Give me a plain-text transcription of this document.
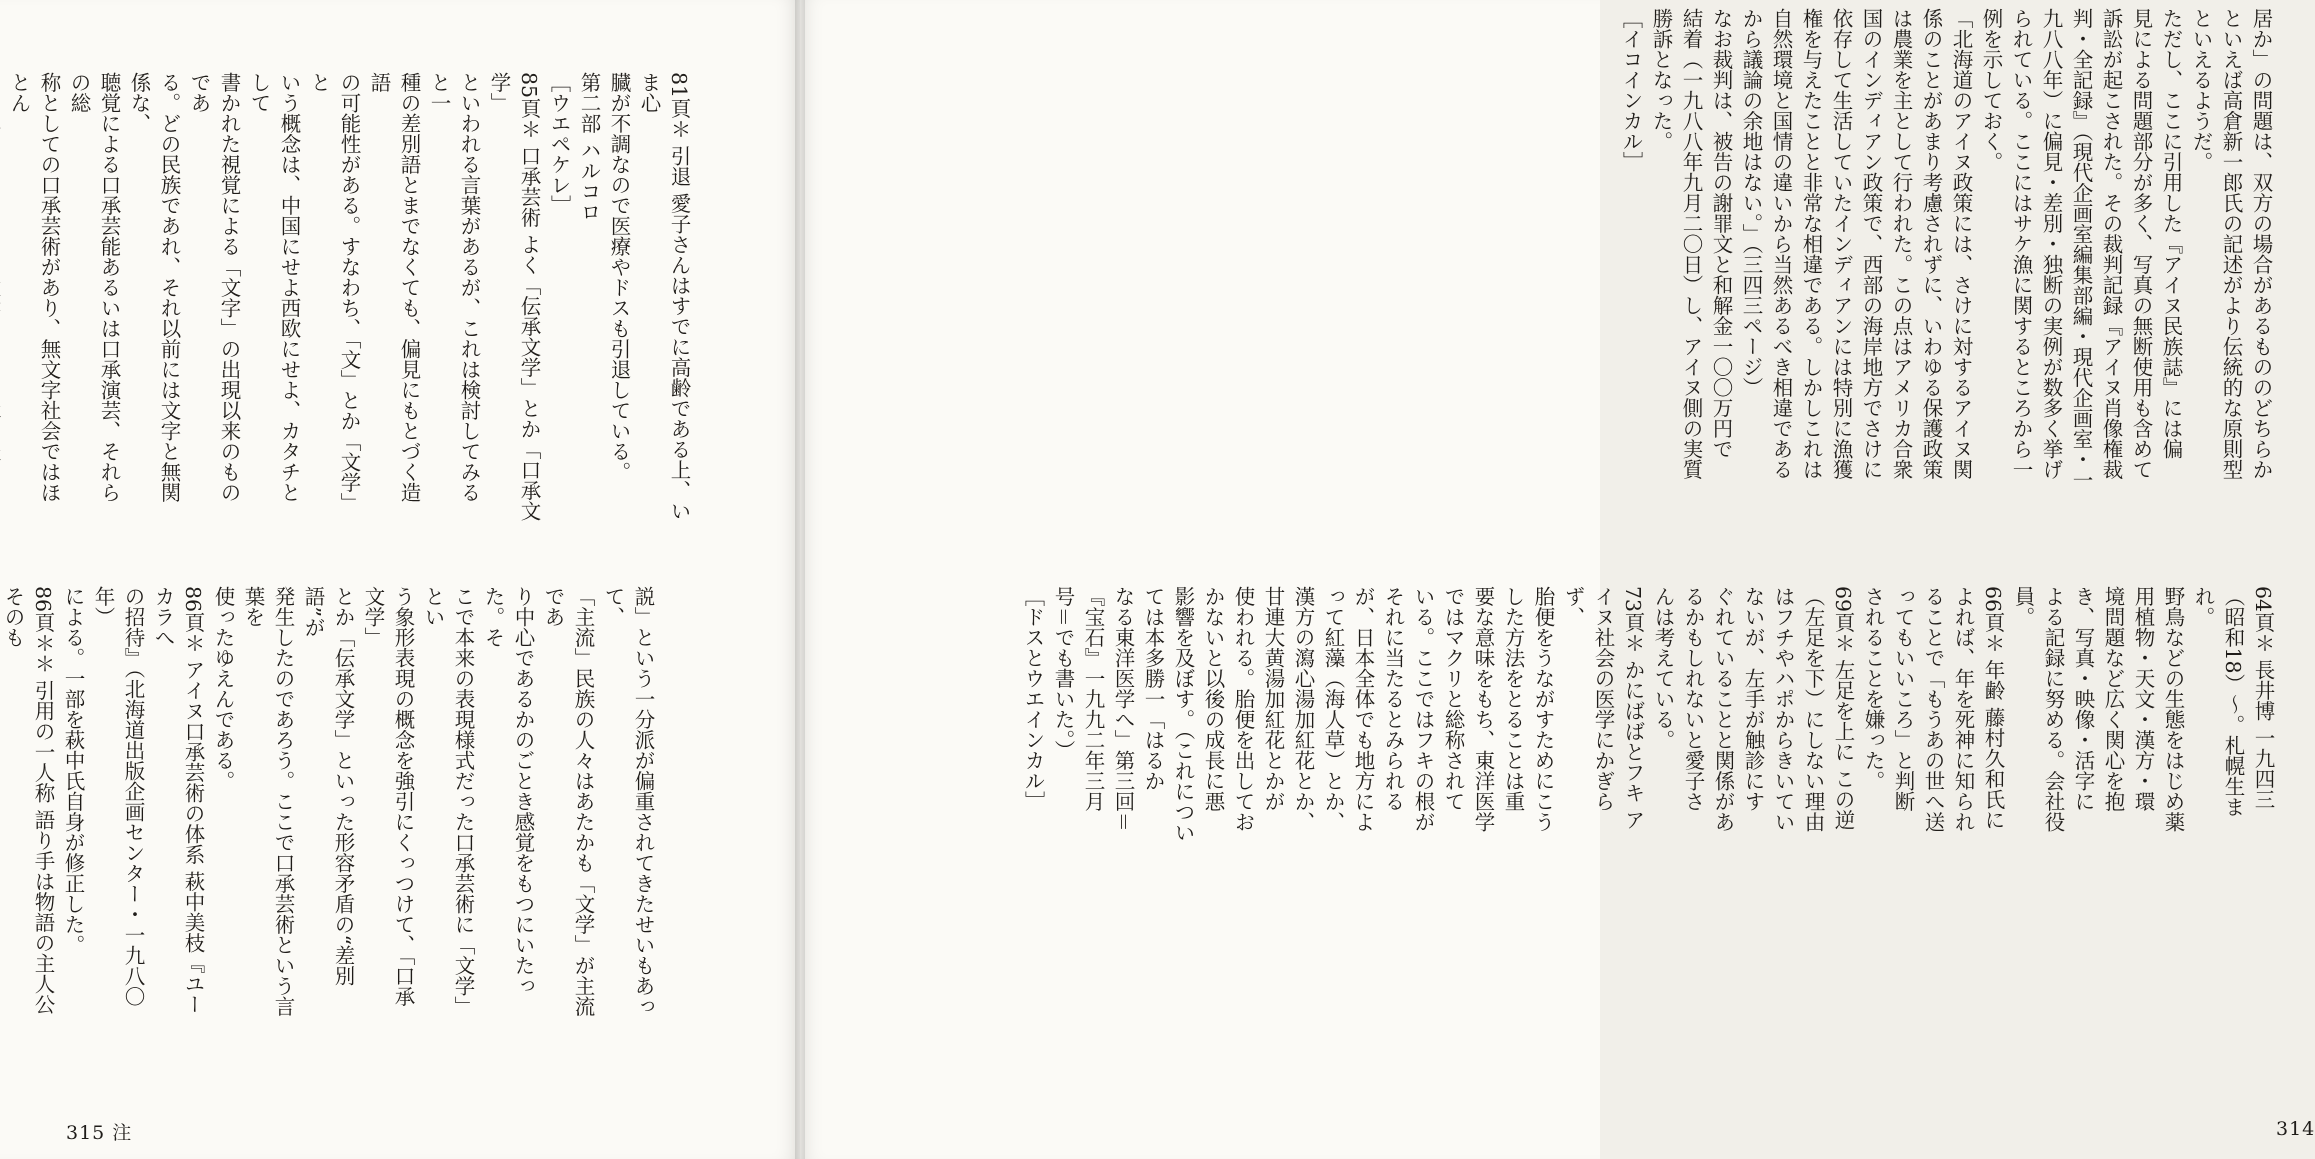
81頁＊ 引退 愛子さんはすでに高齢である上、いま心

臓が不調なので医療やドスも引退している。

第二部 ハルコロ

［ウエペケレ］

85頁＊ 口承芸術 よく「伝承文学」とか「口承文学」

といわれる言葉があるが、これは検討してみると一

種の差別語とまでなくても、偏見にもとづく造語

の可能性がある。すなわち、「文」とか「文学」と

いう概念は、中国にせよ西欧にせよ、カタチとして

書かれた視覚による「文字」の出現以来のものであ

る。どの民族であれ、それ以前には文字と無関係な、

聴覚による口承芸能あるいは口承演芸、それらの総

称としての口承芸術があり、無文字社会ではほとん

説」という一分派が偏重されてきたせいもあって、

「主流」民族の人々はあたかも「文学」が主流であ

り中心であるかのごとき感覚をもつにいたった。そ

こで本来の表現様式だった口承芸術に「文学」とい

う象形表現の概念を強引にくっつけて、「口承文学」

とか「伝承文学」といった形容矛盾の“差別語”が

発生したのであろう。ここで口承芸術という言葉を

使ったゆえんである。

86頁＊ アイヌ口承芸術の体系 萩中美枝『ユーカラへ

の招待』（北海道出版企画センター・一九八〇年）

による。一部を萩中氏自身が修正した。

86頁＊＊ 引用の一人称 語り手は物語の主人公そのも

315 注

居か」の問題は、双方の場合があるもののどちらか

といえば高倉新一郎氏の記述がより伝統的な原則型

といえるようだ。

ただし、ここに引用した『アイヌ民族誌』には偏

見による問題部分が多く、写真の無断使用も含めて

訴訟が起こされた。その裁判記録『アイヌ肖像権裁

判・全記録』（現代企画室編集部編・現代企画室・一

九八八年）に偏見・差別・独断の実例が数多く挙げ

られている。ここにはサケ漁に関するところから一

例を示しておく。

「北海道のアイヌ政策には、さけに対するアイヌ関

係のことがあまり考慮されずに、いわゆる保護政策

は農業を主として行われた。この点はアメリカ合衆

国のインディアン政策で、西部の海岸地方でさけに

依存して生活していたインディアンには特別に漁獲

権を与えたことと非常な相違である。しかしこれは

自然環境と国情の違いから当然あるべき相違である

から議論の余地はない。」（三四三ページ）

なお裁判は、被告の謝罪文と和解金一〇〇万円で

結着（一九八八年九月二〇日）し、アイヌ側の実質

勝訴となった。

［イコインカル］

64頁＊ 長井博 一九四三（昭和18）〜。札幌生まれ。

野鳥などの生態をはじめ薬用植物・天文・漢方・環

境問題など広く関心を抱き、写真・映像・活字に

よる記録に努める。会社役員。

66頁＊ 年齢 藤村久和氏によれば、年を死神に知られ

ることで「もうあの世へ送ってもいいころ」と判断

されることを嫌った。

69頁＊ 左足を上に この逆（左足を下）にしない理由

はフチやハポからきいていないが、左手が触診にす

ぐれていることと関係があるかもしれないと愛子さ

んは考えている。

73頁＊ かにばばとフキ アイヌ社会の医学にかぎらず、

胎便をうながすためにこうした方法をとることは重

要な意味をもち、東洋医学ではマクリと総称されて

いる。ここではフキの根がそれに当たるとみられる

が、日本全体でも地方によって紅藻（海人草）とか、

漢方の瀉心湯加紅花とか、甘連大黄湯加紅花とかが

使われる。胎便を出しておかないと以後の成長に悪

影響を及ぼす。（これについては本多勝一「はるか

なる東洋医学へ」第三回＝『宝石』一九九二年三月

号＝でも書いた。）

［ドスとウエインカル］

314
